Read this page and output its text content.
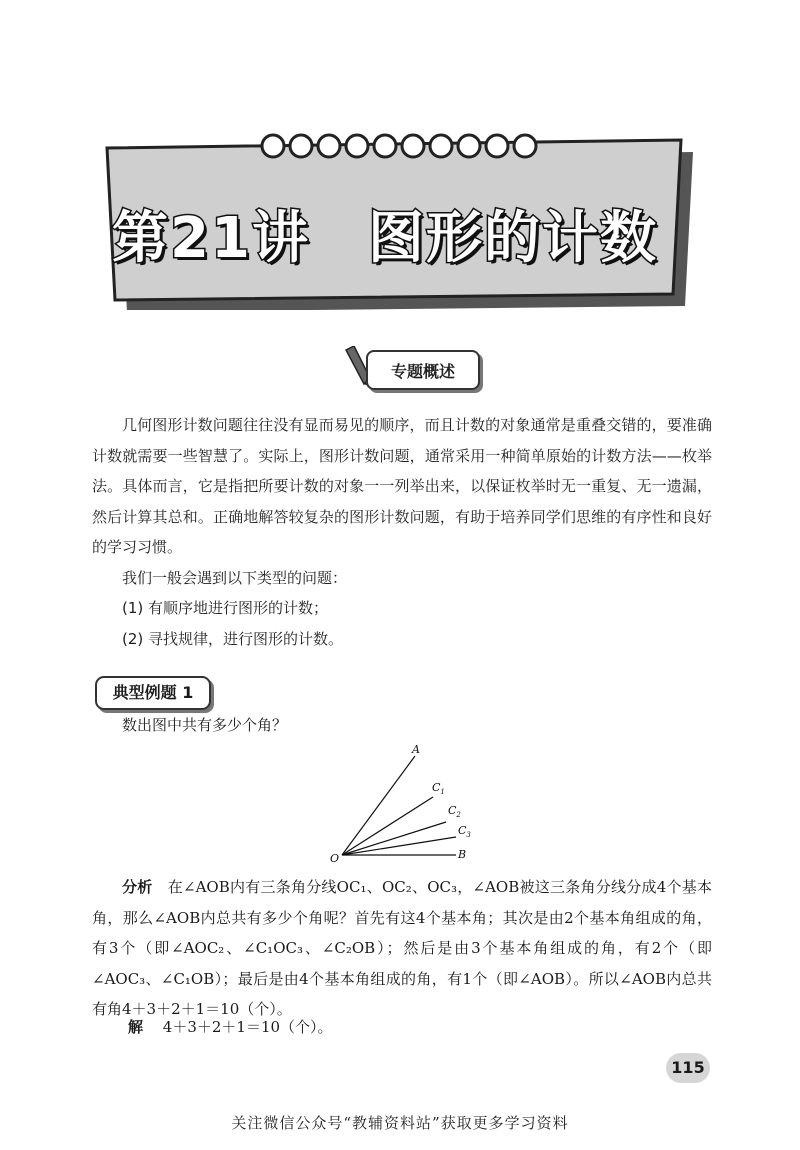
第21讲　图形的计数
专题概述

几何图形计数问题往往没有显而易见的顺序，而且计数的对象通常是重叠交错的，要准确计数就需要一些智慧了。实际上，图形计数问题，通常采用一种简单原始的计数方法——枚举法。具体而言，它是指把所要计数的对象一一列举出来，以保证枚举时无一重复、无一遗漏，然后计算其总和。正确地解答较复杂的图形计数问题，有助于培养同学们思维的有序性和良好的学习习惯。

我们一般会遇到以下类型的问题：

(1) 有顺序地进行图形的计数；

(2) 寻找规律，进行图形的计数。

典型例题 1
数出图中共有多少个角？
A
$C_1$
$C_2$
$C_3$
B
O

分析　 在∠AOB内有三条角分线OC₁、OC₂、OC₃，∠AOB被这三条角分线分成4个基本角，那么∠AOB内总共有多少个角呢？首先有这4个基本角；其次是由2个基本角组成的角，有3个（即∠AOC₂、∠C₁OC₃、∠C₂OB）；然后是由3个基本角组成的角，有2个（即∠AOC₃、∠C₁OB）；最后是由4个基本角组成的角，有1个（即∠AOB）。所以∠AOB内总共有角4＋3＋2＋1＝10（个）。

解　 4＋3＋2＋1＝10（个）。
115
关注微信公众号“教辅资料站”获取更多学习资料
